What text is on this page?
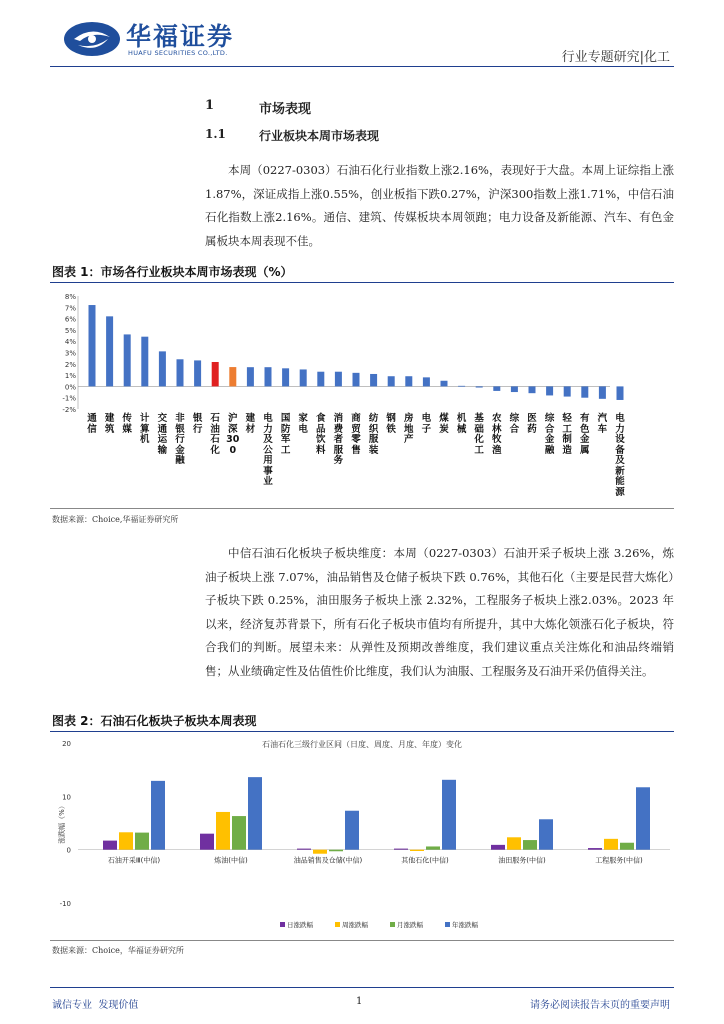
华福证券
HUAFU SECURITIES CO.,LTD.	行业专题研究|化工
1	市场表现
1.1	行业板块本周市场表现
本周（0227-0303）石油石化行业指数上涨2.16%，表现好于大盘。本周上证综指上涨1.87%，深证成指上涨0.55%，创业板指下跌0.27%，沪深300指数上涨1.71%，中信石油石化指数上涨2.16%。通信、建筑、传媒板块本周领跑；电力设备及新能源、汽车、有色金属板块本周表现不佳。
图表 1：市场各行业板块本周市场表现（%）
-2%
-1%
0%
1%
2%
3%
4%
5%
6%
7%
8%
通信
建筑
传媒
计算机
交通运输
非银行金融
银行
石油石化
沪深300
建材
电力及公用事业
国防军工
家电
食品饮料
消费者服务
商贸零售
纺织服装
钢铁
房地产
电子
煤炭
机械
基础化工
农林牧渔
综合
医药
综合金融
轻工制造
有色金属
汽车
电力设备及新能源
数据来源：Choice,华福证券研究所
中信石油石化板块子板块维度：本周（0227-0303）石油开采子板块上涨 3.26%，炼油子板块上涨 7.07%，油品销售及仓储子板块下跌 0.76%，其他石化（主要是民营大炼化）子板块下跌 0.25%，油田服务子板块上涨 2.32%，工程服务子板块上涨2.03%。2023 年以来，经济复苏背景下，所有石化子板块市值均有所提升，其中大炼化领涨石化子板块，符合我们的判断。展望未来：从弹性及预期改善维度，我们建议重点关注炼化和油品终端销售；从业绩确定性及估值性价比维度，我们认为油服、工程服务及石油开采仍值得关注。
图表 2：石油石化板块子板块本周表现
石油石化三级行业区间（日度、周度、月度、年度）变化
-10
0
10
20
涨跌幅（%）
石油开采Ⅲ(中信)	炼油(中信)	油品销售及仓储(中信)	其他石化(中信)	油田服务(中信)	工程服务(中信)
日涨跌幅	周涨跌幅	月涨跌幅	年涨跌幅
数据来源：Choice，华福证券研究所
诚信专业  发现价值	1	请务必阅读报告末页的重要声明
